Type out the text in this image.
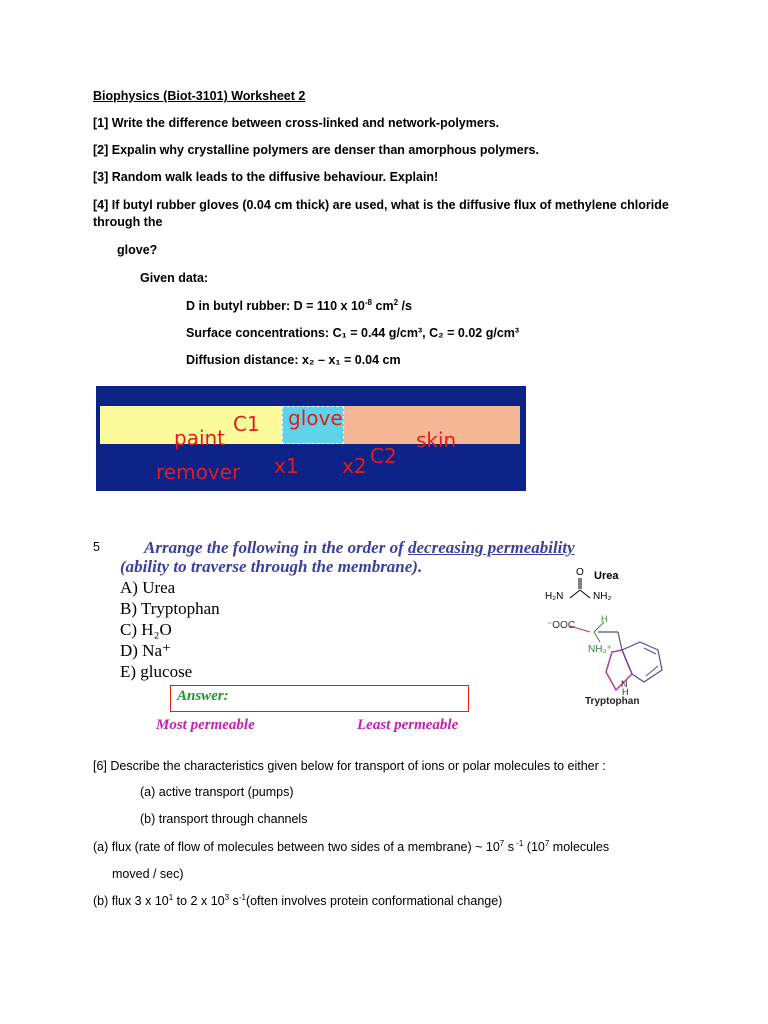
Biophysics (Biot-3101) Worksheet 2
[1] Write the difference between cross-linked and network-polymers.
[2] Expalin why crystalline polymers are denser than amorphous polymers.
[3] Random walk leads to the diffusive behaviour. Explain!
[4] If butyl rubber gloves (0.04 cm thick) are used, what is the diffusive flux of methylene chloride
through the
glove?
Given data:
D in butyl rubber: D = 110 x $10^{-8}$ $cm^2$ /s
Surface concentrations: C₁ = 0.44 g/cm³, C₂ = 0.02 g/cm³
Diffusion distance: x₂ – x₁ = 0.04 cm
paint
remover
C1 glove
x1 x2 C2
skin
5	Arrange the following in the order of decreasing permeability
(ability to traverse through the membrane).
A) Urea
B) Tryptophan
C) H₂O
D) Na⁺
E) glucose
Answer:
Most permeable	Least permeable
O
H₂N	NH₂
Urea
⁻OOC
H
NH₃⁺
N
H
Tryptophan
[6] Describe the characteristics given below for transport of ions or polar molecules to either :
(a) active transport (pumps)
(b) transport through channels
(a) flux (rate of flow of molecules between two sides of a membrane) ~ $10^7$ s $^{-1}$ ($10^7$ molecules
moved / sec)
(b) flux 3 x $10^1$ to 2 x $10^3$ $s^{-1}(often$ involves protein conformational change)
